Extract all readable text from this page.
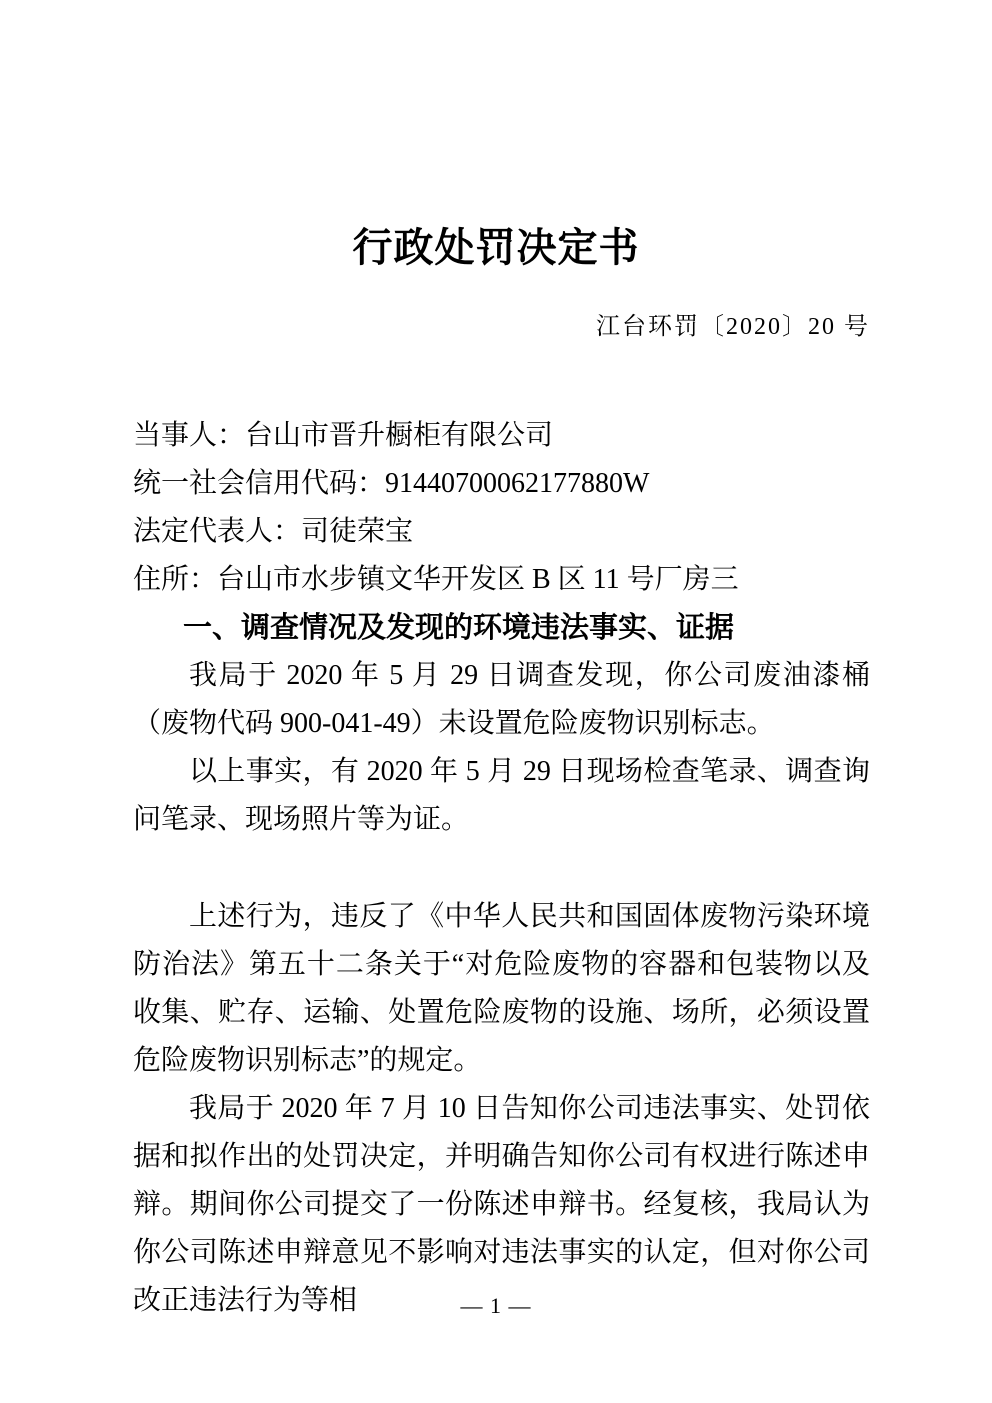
行政处罚决定书
江台环罚〔2020〕20 号

当事人：台山市晋升橱柜有限公司

统一社会信用代码：91440700062177880W

法定代表人：司徒荣宝

住所：台山市水步镇文华开发区 B 区 11 号厂房三

一、调查情况及发现的环境违法事实、证据

我局于 2020 年 5 月 29 日调查发现，你公司废油漆桶（废物代码 900-041-49）未设置危险废物识别标志。

以上事实，有 2020 年 5 月 29 日现场检查笔录、调查询问笔录、现场照片等为证。

上述行为，违反了《中华人民共和国固体废物污染环境防治法》第五十二条关于“对危险废物的容器和包装物以及收集、贮存、运输、处置危险废物的设施、场所，必须设置危险废物识别标志”的规定。

我局于 2020 年 7 月 10 日告知你公司违法事实、处罚依据和拟作出的处罚决定，并明确告知你公司有权进行陈述申辩。期间你公司提交了一份陈述申辩书。经复核，我局认为你公司陈述申辩意见不影响对违法事实的认定，但对你公司改正违法行为等相	— 1 —
